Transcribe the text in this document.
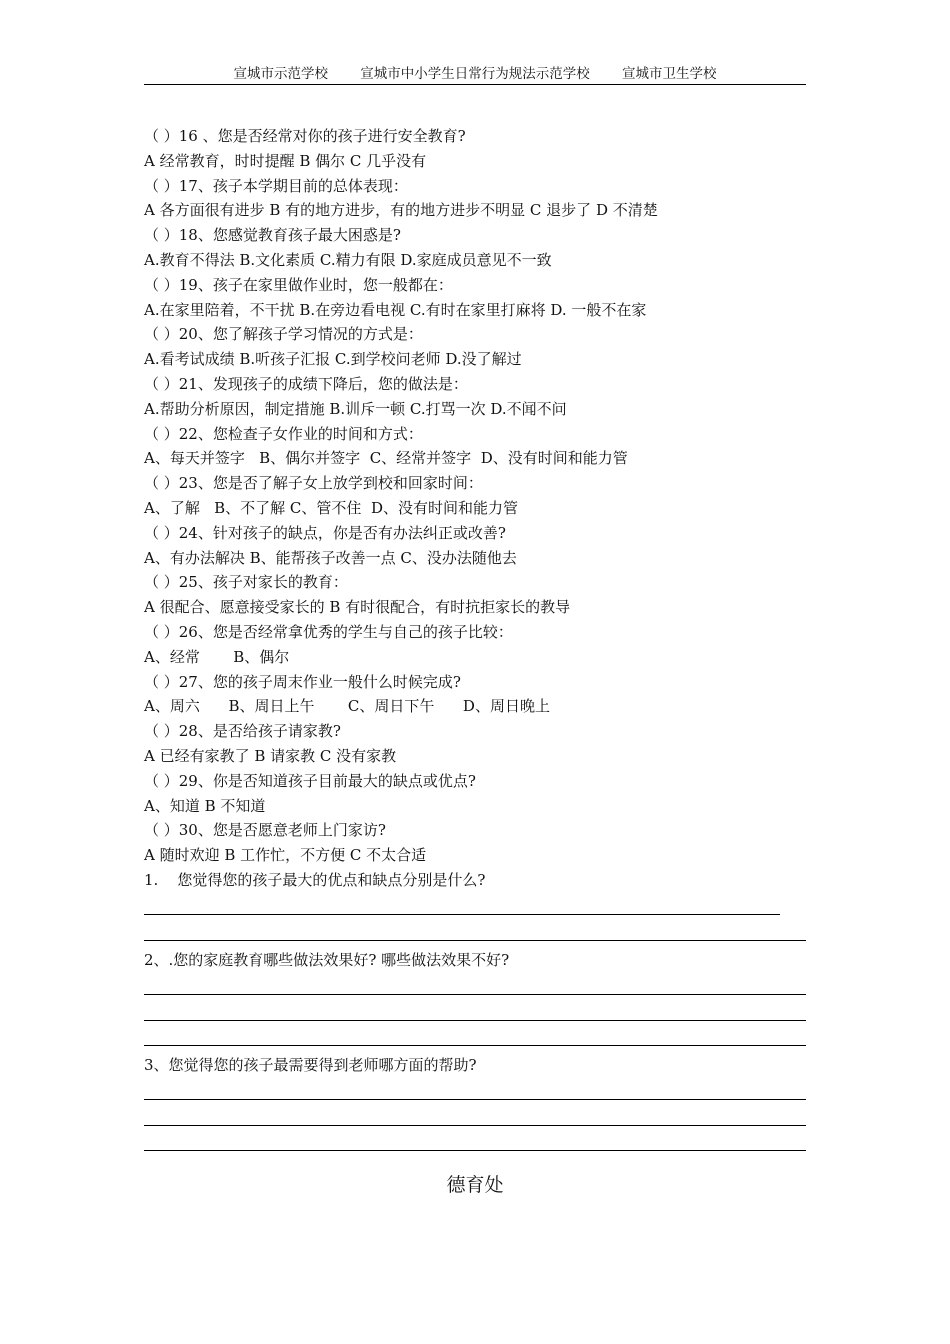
宣城市示范学校 宣城市中小学生日常行为规法示范学校 宣城市卫生学校
（ ）16 、您是否经常对你的孩子进行安全教育?
A 经常教育，时时提醒 B 偶尔 C 几乎没有
（ ）17、孩子本学期目前的总体表现：
A 各方面很有进步 B 有的地方进步，有的地方进步不明显 C 退步了 D 不清楚
（ ）18、您感觉教育孩子最大困惑是?
A.教育不得法 B.文化素质 C.精力有限 D.家庭成员意见不一致
（ ）19、孩子在家里做作业时，您一般都在：
A.在家里陪着，不干扰 B.在旁边看电视 C.有时在家里打麻将 D. 一般不在家
（ ）20、您了解孩子学习情况的方式是：
A.看考试成绩 B.听孩子汇报 C.到学校问老师 D.没了解过
（ ）21、发现孩子的成绩下降后，您的做法是：
A.帮助分析原因，制定措施 B.训斥一顿 C.打骂一次 D.不闻不问
（ ）22、您检查子女作业的时间和方式：
A、每天并签字   B、偶尔并签字  C、经常并签字  D、没有时间和能力管
（ ）23、您是否了解子女上放学到校和回家时间：
A、了解   B、不了解 C、管不住  D、没有时间和能力管
（ ）24、针对孩子的缺点，你是否有办法纠正或改善?
A、有办法解决 B、能帮孩子改善一点 C、没办法随他去
（ ）25、孩子对家长的教育：
A 很配合、愿意接受家长的 B 有时很配合，有时抗拒家长的教导
（ ）26、您是否经常拿优秀的学生与自己的孩子比较：
A、经常       B、偶尔
（ ）27、您的孩子周末作业一般什么时候完成?
A、周六      B、周日上午       C、周日下午      D、周日晚上
（ ）28、是否给孩子请家教?
A 已经有家教了 B 请家教 C 没有家教
（ ）29、你是否知道孩子目前最大的缺点或优点?
A、知道 B 不知道
（ ）30、您是否愿意老师上门家访?
A 随时欢迎 B 工作忙，不方便 C 不太合适
1.    您觉得您的孩子最大的优点和缺点分别是什么?
2、.您的家庭教育哪些做法效果好? 哪些做法效果不好?
3、您觉得您的孩子最需要得到老师哪方面的帮助?
德育处
